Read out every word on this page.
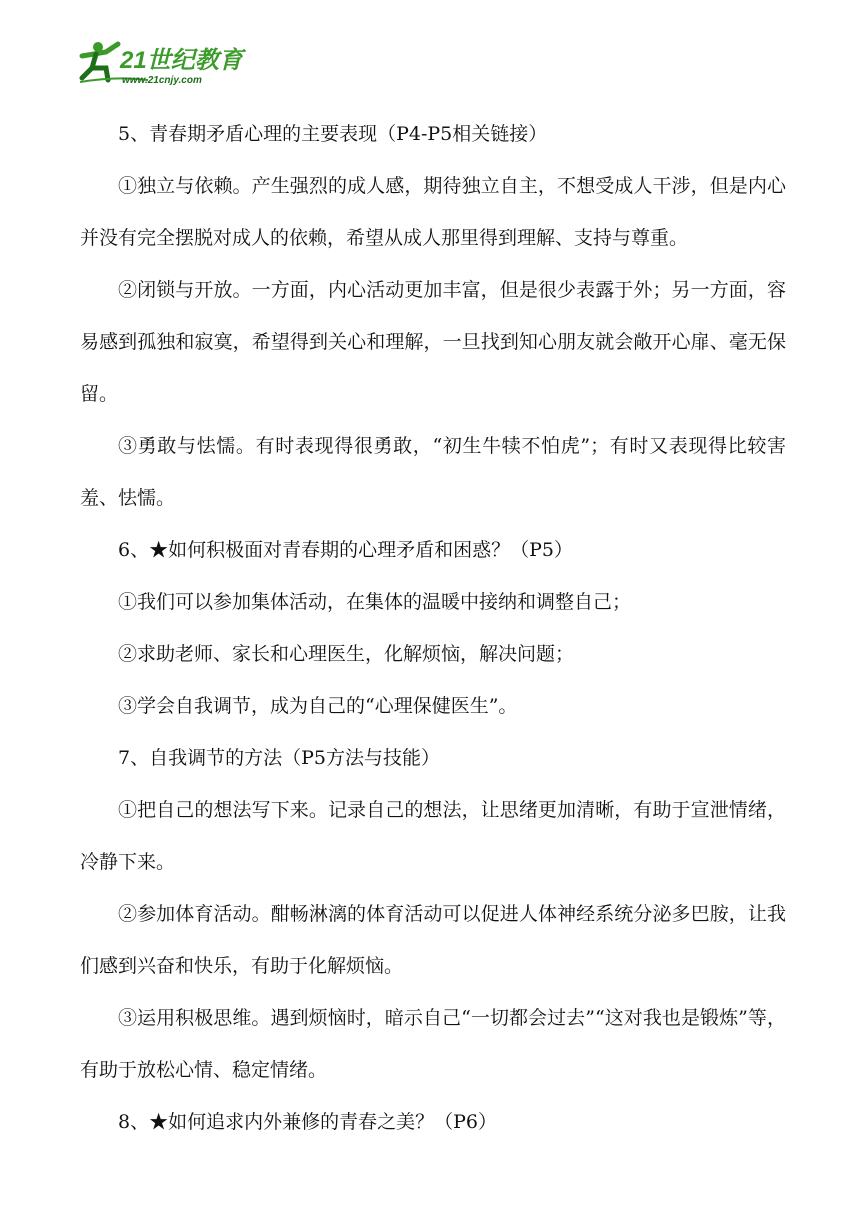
21世纪教育
www.21cnjy.com

5、青春期矛盾心理的主要表现（P4-P5相关链接）

①独立与依赖。产生强烈的成人感，期待独立自主，不想受成人干涉，但是内心并没有完全摆脱对成人的依赖，希望从成人那里得到理解、支持与尊重。

②闭锁与开放。一方面，内心活动更加丰富，但是很少表露于外；另一方面，容易感到孤独和寂寞，希望得到关心和理解，一旦找到知心朋友就会敞开心扉、毫无保留。

③勇敢与怯懦。有时表现得很勇敢，“初生牛犊不怕虎”；有时又表现得比较害羞、怯懦。

6、★如何积极面对青春期的心理矛盾和困惑？（P5）

①我们可以参加集体活动，在集体的温暖中接纳和调整自己；

②求助老师、家长和心理医生，化解烦恼，解决问题；

③学会自我调节，成为自己的“心理保健医生”。

7、自我调节的方法（P5方法与技能）

①把自己的想法写下来。记录自己的想法，让思绪更加清晰，有助于宣泄情绪，冷静下来。

②参加体育活动。酣畅淋漓的体育活动可以促进人体神经系统分泌多巴胺，让我们感到兴奋和快乐，有助于化解烦恼。

③运用积极思维。遇到烦恼时，暗示自己“一切都会过去”“这对我也是锻炼”等，有助于放松心情、稳定情绪。

8、★如何追求内外兼修的青春之美？（P6）
